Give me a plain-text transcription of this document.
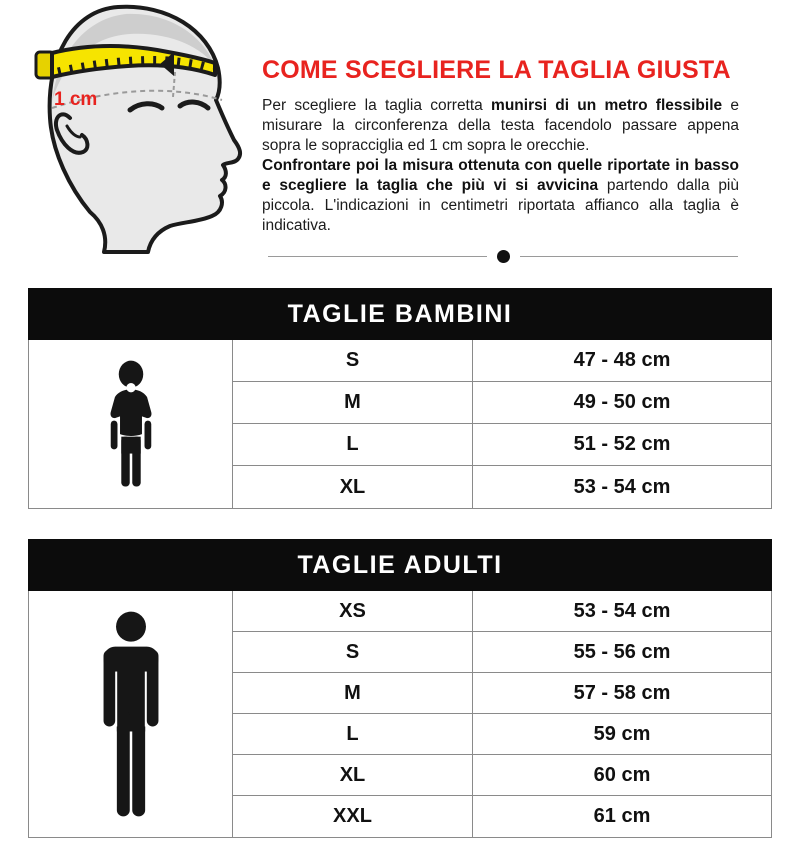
1 cm
COME SCEGLIERE LA TAGLIA GIUSTA

Per scegliere la taglia corretta munirsi di un metro flessibile e misurare la circonferenza della testa facendolo passare appena sopra le sopracciglia ed 1 cm sopra le orecchie.

Confrontare poi la misura ottenuta con quelle riportate in basso e scegliere la taglia che più vi si avvicina partendo dalla più piccola. L'indicazioni in centimetri riportata affianco alla taglia è indicativa.

TAGLIE BAMBINI
S	47 - 48 cm
M	49 - 50 cm
L	51 - 52 cm
XL	53 - 54 cm
TAGLIE ADULTI
XS	53 - 54 cm
S	55 - 56 cm
M	57 - 58 cm
L	59 cm
XL	60 cm
XXL	61 cm
